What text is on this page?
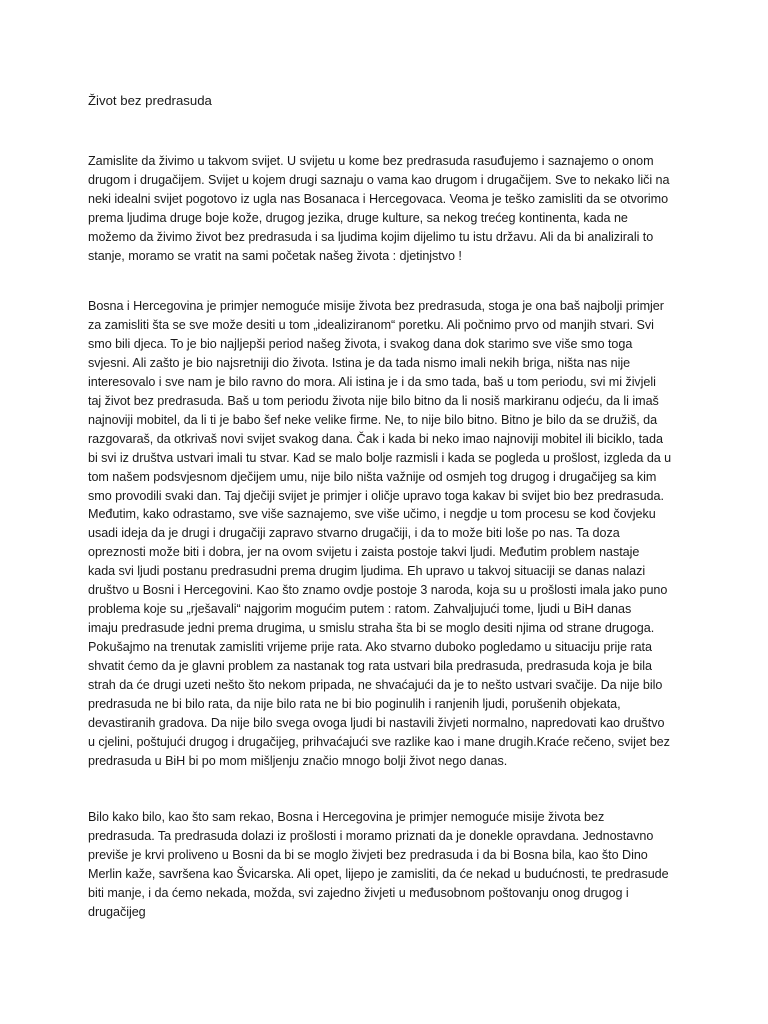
Život bez predrasuda

Zamislite da živimo u takvom svijet. U svijetu u kome bez predrasuda rasuđujemo i saznajemo o onom
drugom i drugačijem. Svijet u kojem drugi saznaju o vama kao drugom i drugačijem. Sve to nekako liči na
neki idealni svijet pogotovo iz ugla nas Bosanaca i Hercegovaca. Veoma je teško zamisliti da se otvorimo
prema ljudima druge boje kože, drugog jezika, druge kulture, sa nekog trećeg kontinenta, kada ne
možemo da živimo život bez predrasuda i sa ljudima kojim dijelimo tu istu državu. Ali da bi analizirali to
stanje, moramo se vratit na sami početak našeg života : djetinjstvo !

Bosna i Hercegovina je primjer nemoguće misije života bez predrasuda, stoga je ona baš najbolji primjer
za zamisliti šta se sve može desiti u tom „idealiziranom“ poretku. Ali počnimo prvo od manjih stvari. Svi
smo bili djeca. To je bio najljepši period našeg života, i svakog dana dok starimo sve više smo toga
svjesni. Ali zašto je bio najsretniji dio života. Istina je da tada nismo imali nekih briga, ništa nas nije
interesovalo i sve nam je bilo ravno do mora. Ali istina je i da smo tada, baš u tom periodu, svi mi živjeli
taj život bez predrasuda. Baš u tom periodu života nije bilo bitno da li nosiš markiranu odjeću, da li imaš
najnoviji mobitel, da li ti je babo šef neke velike firme. Ne, to nije bilo bitno. Bitno je bilo da se družiš, da
razgovaraš, da otkrivaš novi svijet svakog dana. Čak i kada bi neko imao najnoviji mobitel ili biciklo, tada
bi svi iz društva ustvari imali tu stvar. Kad se malo bolje razmisli i kada se pogleda u prošlost, izgleda da u
tom našem podsvjesnom dječijem umu, nije bilo ništa važnije od osmjeh tog drugog i drugačijeg sa kim
smo provodili svaki dan. Taj dječiji svijet je primjer i oličje upravo toga kakav bi svijet bio bez predrasuda.
Međutim, kako odrastamo, sve više saznajemo, sve više učimo, i negdje u tom procesu se kod čovjeku
usadi ideja da je drugi i drugačiji zapravo stvarno drugačiji, i da to može biti loše po nas. Ta doza
opreznosti može biti i dobra, jer na ovom svijetu i zaista postoje takvi ljudi. Međutim problem nastaje
kada svi ljudi postanu predrasudni prema drugim ljudima. Eh upravo u takvoj situaciji se danas nalazi
društvo u Bosni i Hercegovini. Kao što znamo ovdje postoje 3 naroda, koja su u prošlosti imala jako puno
problema koje su „rješavali“ najgorim mogućim putem : ratom. Zahvaljujući tome, ljudi u BiH danas
imaju predrasude jedni prema drugima, u smislu straha šta bi se moglo desiti njima od strane drugoga.
Pokušajmo na trenutak zamisliti vrijeme prije rata. Ako stvarno duboko pogledamo u situaciju prije rata
shvatit ćemo da je glavni problem za nastanak tog rata ustvari bila predrasuda, predrasuda koja je bila
strah da će drugi uzeti nešto što nekom pripada, ne shvaćajući da je to nešto ustvari svačije. Da nije bilo
predrasuda ne bi bilo rata, da nije bilo rata ne bi bio poginulih i ranjenih ljudi, porušenih objekata,
devastiranih gradova. Da nije bilo svega ovoga ljudi bi nastavili živjeti normalno, napredovati kao društvo
u cjelini, poštujući drugog i drugačijeg, prihvaćajući sve razlike kao i mane drugih.Kraće rečeno, svijet bez
predrasuda u BiH bi po mom mišljenju značio mnogo bolji život nego danas.

Bilo kako bilo, kao što sam rekao, Bosna i Hercegovina je primjer nemoguće misije života bez
predrasuda. Ta predrasuda dolazi iz prošlosti i moramo priznati da je donekle opravdana. Jednostavno
previše je krvi proliveno u Bosni da bi se moglo živjeti bez predrasuda i da bi Bosna bila, kao što Dino
Merlin kaže, savršena kao Švicarska. Ali opet, lijepo je zamisliti, da će nekad u budućnosti, te predrasude
biti manje, i da ćemo nekada, možda, svi zajedno živjeti u međusobnom poštovanju onog drugog i
drugačijeg
